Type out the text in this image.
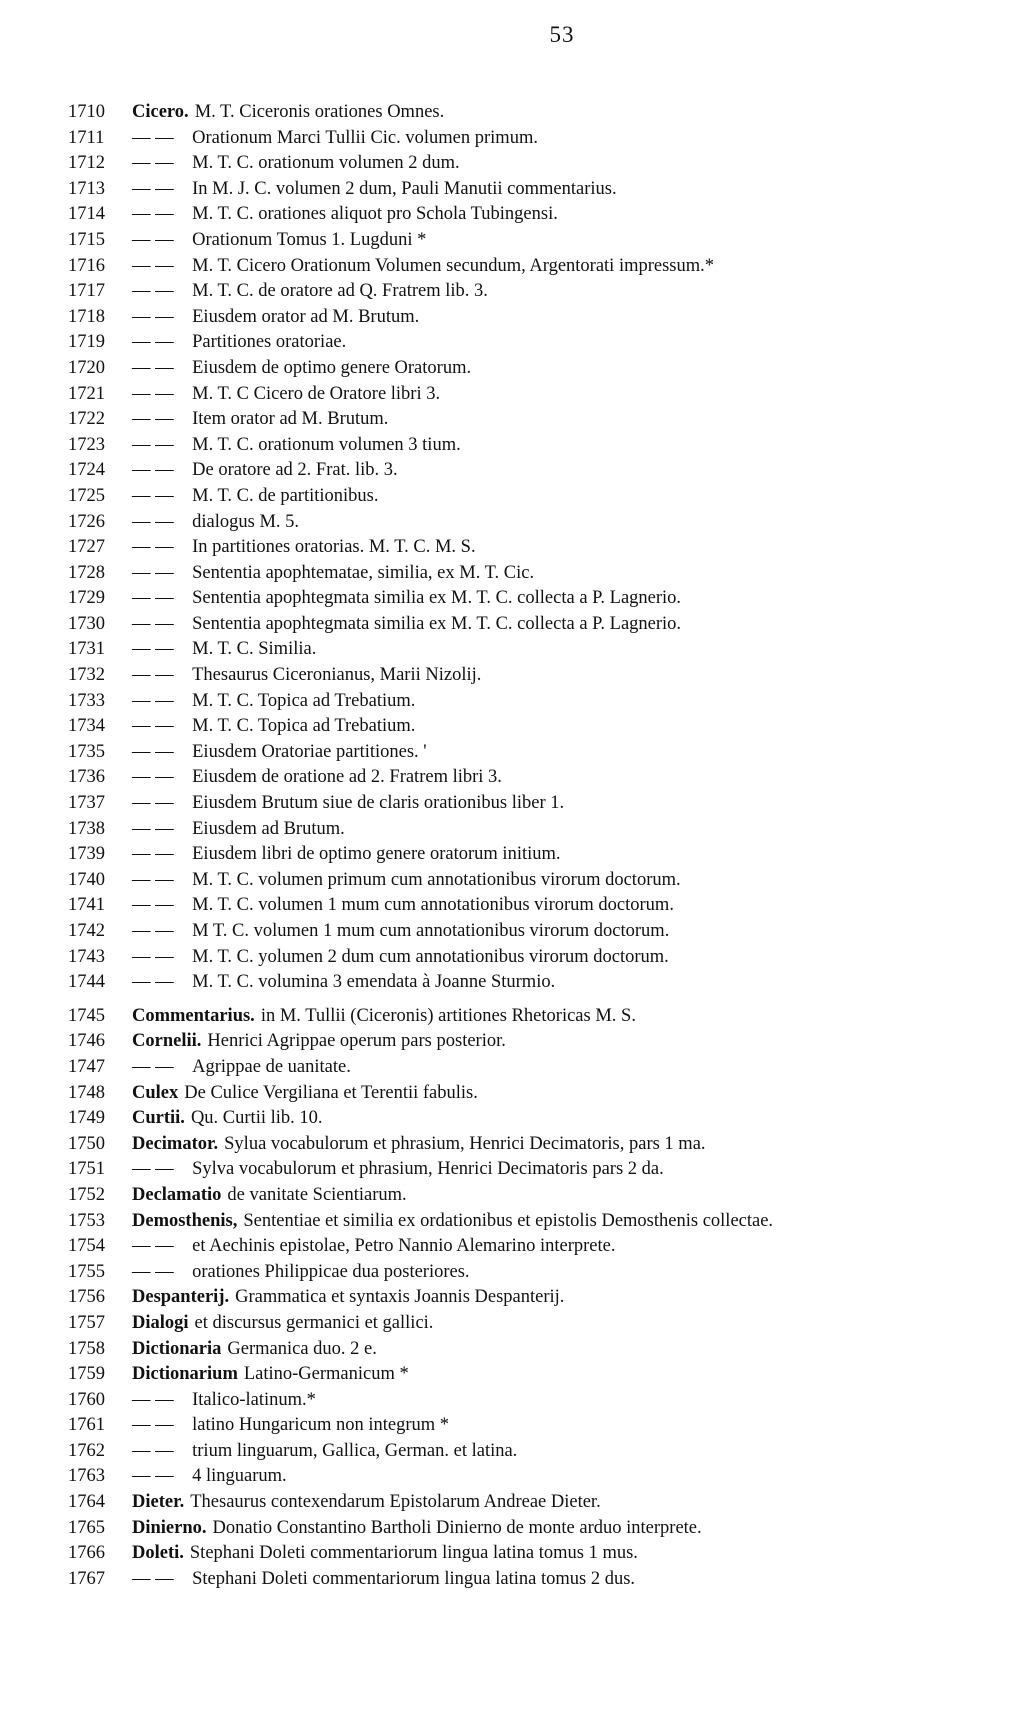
53
1710	Cicero. M. T. Ciceronis orationes Omnes.
1711	— —  Orationum Marci Tullii Cic. volumen primum.
1712	— —  M. T. C. orationum volumen 2 dum.
1713	— —  In M. J. C. volumen 2 dum, Pauli Manutii commentarius.
1714	— —  M. T. C. orationes aliquot pro Schola Tubingensi.
1715	— —  Orationum Tomus 1. Lugduni *
1716	— —  M. T. Cicero Orationum Volumen secundum, Argentorati impressum.*
1717	— —  M. T. C. de oratore ad Q. Fratrem lib. 3.
1718	— —  Eiusdem orator ad M. Brutum.
1719	— —  Partitiones oratoriae.
1720	— —  Eiusdem de optimo genere Oratorum.
1721	— —  M. T. C Cicero de Oratore libri 3.
1722	— —  Item orator ad M. Brutum.
1723	— —  M. T. C. orationum volumen 3 tium.
1724	— —  De oratore ad 2. Frat. lib. 3.
1725	— —  M. T. C. de partitionibus.
1726	— —  dialogus M. 5.
1727	— —  In partitiones oratorias. M. T. C. M. S.
1728	— —  Sententia apophtematae, similia, ex M. T. Cic.
1729	— —  Sententia apophtegmata similia ex M. T. C. collecta a P. Lagnerio.
1730	— —  Sententia apophtegmata similia ex M. T. C. collecta a P. Lagnerio.
1731	— —  M. T. C. Similia.
1732	— —  Thesaurus Ciceronianus, Marii Nizolij.
1733	— —  M. T. C. Topica ad Trebatium.
1734	— —  M. T. C. Topica ad Trebatium.
1735	— —  Eiusdem Oratoriae partitiones. '
1736	— —  Eiusdem de oratione ad 2. Fratrem libri 3.
1737	— —  Eiusdem Brutum siue de claris orationibus liber 1.
1738	— —  Eiusdem ad Brutum.
1739	— —  Eiusdem libri de optimo genere oratorum initium.
1740	— —  M. T. C. volumen primum cum annotationibus virorum doctorum.
1741	— —  M. T. C. volumen 1 mum cum annotationibus virorum doctorum.
1742	— —  M T. C. volumen 1 mum cum annotationibus virorum doctorum.
1743	— —  M. T. C. yolumen 2 dum cum annotationibus virorum doctorum.
1744	— —  M. T. C. volumina 3 emendata à Joanne Sturmio.
1745	Commentarius. in M. Tullii (Ciceronis) artitiones Rhetoricas M. S.
1746	Cornelii. Henrici Agrippae operum pars posterior.
1747	— —  Agrippae de uanitate.
1748	Culex De Culice Vergiliana et Terentii fabulis.
1749	Curtii. Qu. Curtii lib. 10.
1750	Decimator. Sylua vocabulorum et phrasium, Henrici Decimatoris, pars 1 ma.
1751	— —  Sylva vocabulorum et phrasium, Henrici Decimatoris pars 2 da.
1752	Declamatio de vanitate Scientiarum.
1753	Demosthenis, Sententiae et similia ex ordationibus et epistolis Demosthenis collectae.
1754	— —  et Aechinis epistolae, Petro Nannio Alemarino interprete.
1755	— —  orationes Philippicae dua posteriores.
1756	Despanterij. Grammatica et syntaxis Joannis Despanterij.
1757	Dialogi et discursus germanici et gallici.
1758	Dictionaria Germanica duo. 2 e.
1759	Dictionarium Latino-Germanicum *
1760	— —  Italico-latinum.*
1761	— —  latino Hungaricum non integrum *
1762	— —  trium linguarum, Gallica, German. et latina.
1763	— —  4 linguarum.
1764	Dieter. Thesaurus contexendarum Epistolarum Andreae Dieter.
1765	Dinierno. Donatio Constantino Bartholi Dinierno de monte arduo interprete.
1766	Doleti. Stephani Doleti commentariorum lingua latina tomus 1 mus.
1767	— —  Stephani Doleti commentariorum lingua latina tomus 2 dus.
